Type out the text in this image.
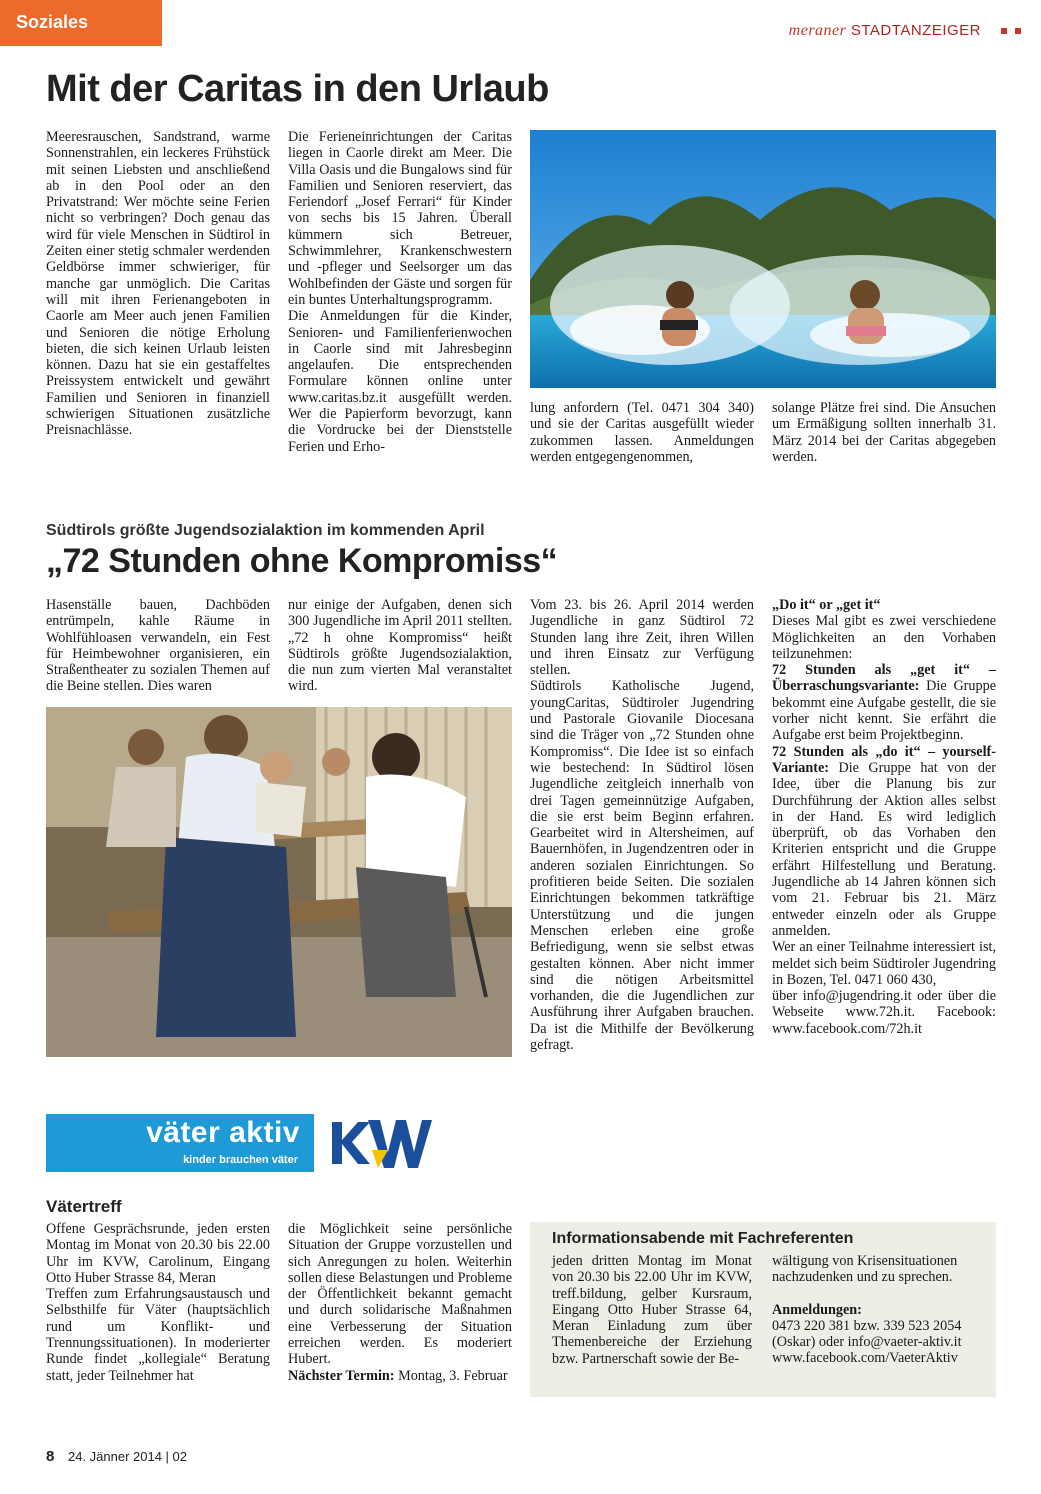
Soziales	meraner STADTANZEIGER
Mit der Caritas in den Urlaub

Meeresrauschen, Sandstrand, warme Sonnenstrahlen, ein leckeres Frühstück mit seinen Liebsten und anschließend ab in den Pool oder an den Privatstrand: Wer möchte seine Ferien nicht so verbringen? Doch genau das wird für viele Menschen in Südtirol in Zeiten einer stetig schmaler werdenden Geldbörse immer schwieriger, für manche gar unmöglich. Die Caritas will mit ihren Ferienangeboten in Caorle am Meer auch jenen Familien und Senioren die nötige Erholung bieten, die sich keinen Urlaub leisten können. Dazu hat sie ein gestaffeltes Preissystem entwickelt und gewährt Familien und Senioren in finanziell schwierigen Situationen zusätzliche Preisnachlässe.

Die Ferieneinrichtungen der Caritas liegen in Caorle direkt am Meer. Die Villa Oasis und die Bungalows sind für Familien und Senioren reserviert, das Feriendorf „Josef Ferrari“ für Kinder von sechs bis 15 Jahren. Überall kümmern sich Betreuer, Schwimmlehrer, Krankenschwestern und -pfleger und Seelsorger um das Wohlbefinden der Gäste und sorgen für ein buntes Unterhaltungsprogramm.

Die Anmeldungen für die Kinder, Senioren- und Familienferienwochen in Caorle sind mit Jahresbeginn angelaufen. Die entsprechenden Formulare können online unter www.caritas.bz.it ausgefüllt werden. Wer die Papierform bevorzugt, kann die Vordrucke bei der Dienststelle Ferien und Erho-

lung anfordern (Tel. 0471 304 340) und sie der Caritas ausgefüllt wieder zukommen lassen. Anmeldungen werden entgegengenommen,

solange Plätze frei sind. Die Ansuchen um Ermäßigung sollten innerhalb 31. März 2014 bei der Caritas abgegeben werden.

Südtirols größte Jugendsozialaktion im kommenden April
„72 Stunden ohne Kompromiss“

Hasenställe bauen, Dachböden entrümpeln, kahle Räume in Wohlfühloasen verwandeln, ein Fest für Heimbewohner organisieren, ein Straßentheater zu sozialen Themen auf die Beine stellen. Dies waren

nur einige der Aufgaben, denen sich 300 Jugendliche im April 2011 stellten. „72 h ohne Kompromiss“ heißt Südtirols größte Jugendsozialaktion, die nun zum vierten Mal veranstaltet wird.

Vom 23. bis 26. April 2014 werden Jugendliche in ganz Südtirol 72 Stunden lang ihre Zeit, ihren Willen und ihren Einsatz zur Verfügung stellen.

Südtirols Katholische Jugend, youngCaritas, Südtiroler Jugendring und Pastorale Giovanile Diocesana sind die Träger von „72 Stunden ohne Kompromiss“. Die Idee ist so einfach wie bestechend: In Südtirol lösen Jugendliche zeitgleich innerhalb von drei Tagen gemeinnützige Aufgaben, die sie erst beim Beginn erfahren. Gearbeitet wird in Altersheimen, auf Bauernhöfen, in Jugendzentren oder in anderen sozialen Einrichtungen. So profitieren beide Seiten. Die sozialen Einrichtungen bekommen tatkräftige Unterstützung und die jungen Menschen erleben eine große Befriedigung, wenn sie selbst etwas gestalten können. Aber nicht immer sind die nötigen Arbeitsmittel vorhanden, die die Jugendlichen zur Ausführung ihrer Aufgaben brauchen. Da ist die Mithilfe der Bevölkerung gefragt.

„Do it“ or „get it“

Dieses Mal gibt es zwei verschiedene Möglichkeiten an den Vorhaben teilzunehmen:

72 Stunden als „get it“ – Überraschungsvariante: Die Gruppe bekommt eine Aufgabe gestellt, die sie vorher nicht kennt. Sie erfährt die Aufgabe erst beim Projektbeginn.

72 Stunden als „do it“ – yourself-Variante: Die Gruppe hat von der Idee, über die Planung bis zur Durchführung der Aktion alles selbst in der Hand. Es wird lediglich überprüft, ob das Vorhaben den Kriterien entspricht und die Gruppe erfährt Hilfestellung und Beratung. Jugendliche ab 14 Jahren können sich vom 21. Februar bis 21. März entweder einzeln oder als Gruppe anmelden.

Wer an einer Teilnahme interessiert ist, meldet sich beim Südtiroler Jugendring in Bozen, Tel. 0471 060 430,

über info@jugendring.it oder über die Webseite www.72h.it. Facebook: www.facebook.com/72h.it

väter aktiv
kinder brauchen väter
Vätertreff

Offene Gesprächsrunde, jeden ersten Montag im Monat von 20.30 bis 22.00 Uhr im KVW, Carolinum, Eingang Otto Huber Strasse 84, Meran

Treffen zum Erfahrungsaustausch und Selbsthilfe für Väter (hauptsächlich rund um Konflikt- und Trennungssituationen). In moderierter Runde findet „kollegiale“ Beratung statt, jeder Teilnehmer hat

die Möglichkeit seine persönliche Situation der Gruppe vorzustellen und sich Anregungen zu holen. Weiterhin sollen diese Belastungen und Probleme der Öffentlichkeit bekannt gemacht und durch solidarische Maßnahmen eine Verbesserung der Situation erreichen werden. Es moderiert Hubert.

Nächster Termin: Montag, 3. Februar

Informationsabende mit Fachreferenten

jeden dritten Montag im Monat von 20.30 bis 22.00 Uhr im KVW, treff.bildung, gelber Kursraum, Eingang Otto Huber Strasse 64, Meran Einladung zum über Themenbereiche der Erziehung bzw. Partnerschaft sowie der Be-

wältigung von Krisensituationen nachzudenken und zu sprechen.

Anmeldungen:

0473 220 381 bzw. 339 523 2054 (Oskar) oder info@vaeter-aktiv.it www.facebook.com/VaeterAktiv

8 24. Jänner 2014 | 02
